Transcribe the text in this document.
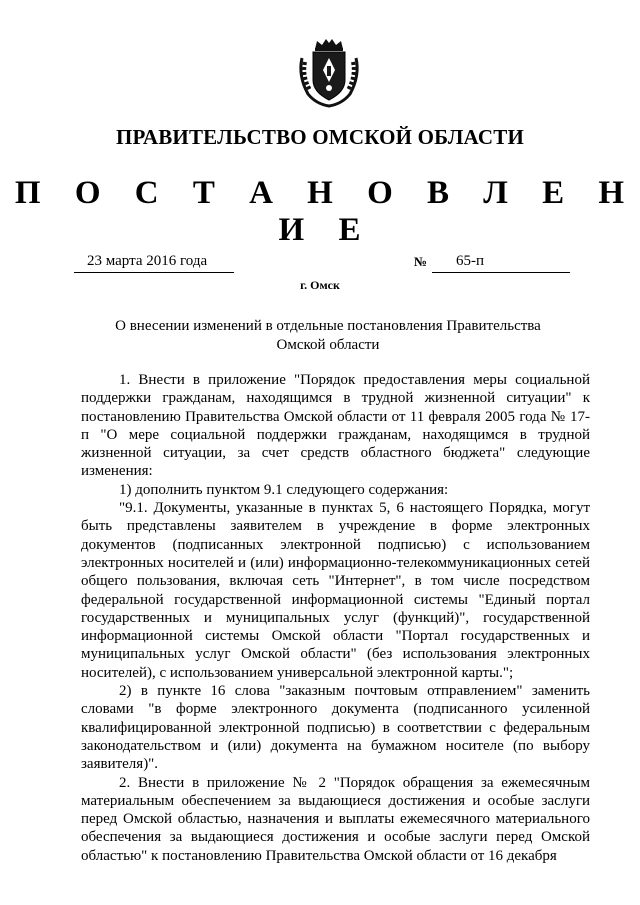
ПРАВИТЕЛЬСТВО ОМСКОЙ ОБЛАСТИ
П О С Т А Н О В Л Е Н И Е
23 марта 2016 года	№ 65-п
г. Омск
О внесении изменений в отдельные постановления Правительства
Омской области

1. Внести в приложение "Порядок предоставления меры социальной поддержки гражданам, находящимся в трудной жизненной ситуации" к постановлению Правительства Омской области от 11 февраля 2005 года № 17-п "О мере социальной поддержки гражданам, находящимся в трудной жизненной ситуации, за счет средств областного бюджета" следующие изменения:

1) дополнить пунктом 9.1 следующего содержания:

"9.1. Документы, указанные в пунктах 5, 6 настоящего Порядка, могут быть представлены заявителем в учреждение в форме электронных документов (подписанных электронной подписью) с использованием электронных носителей и (или) информационно-телекоммуникационных сетей общего пользования, включая сеть "Интернет", в том числе посредством федеральной государственной информационной системы "Единый портал государственных и муниципальных услуг (функций)", государственной информационной системы Омской области "Портал государственных и муниципальных услуг Омской области" (без использования электронных носителей), с использованием универсальной электронной карты.";

2) в пункте 16 слова "заказным почтовым отправлением" заменить словами "в форме электронного документа (подписанного усиленной квалифицированной электронной подписью) в соответствии с федеральным законодательством и (или) документа на бумажном носителе (по выбору заявителя)".

2. Внести в приложение № 2 "Порядок обращения за ежемесячным материальным обеспечением за выдающиеся достижения и особые заслуги перед Омской областью, назначения и выплаты ежемесячного материального обеспечения за выдающиеся достижения и особые заслуги перед Омской областью" к постановлению Правительства Омской области от 16 декабря
